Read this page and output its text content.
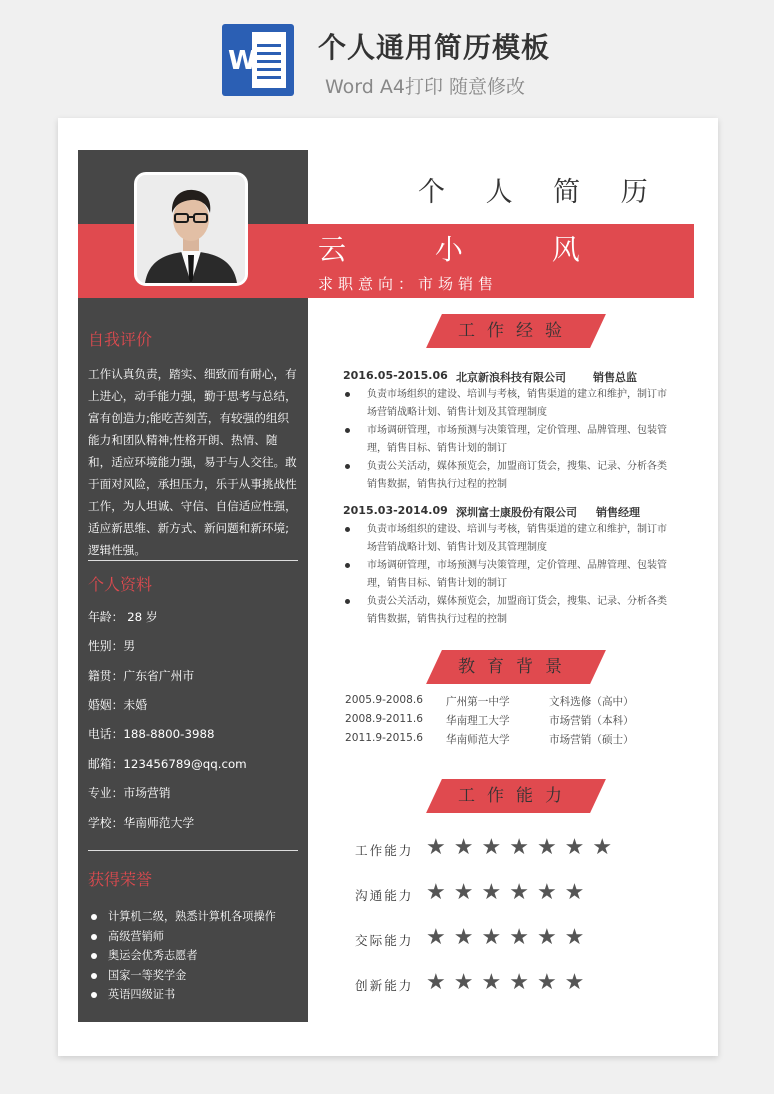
W 个人通用简历模板
Word A4打印 随意修改
个 人 简 历
云 小 风
求职意向：市场销售
自我评价
工作认真负责，踏实、细致而有耐心，有上进心，动手能力强，勤于思考与总结，富有创造力;能吃苦刻苦，有较强的组织能力和团队精神;性格开朗、热情、随和，适应环境能力强，易于与人交往。敢于面对风险，承担压力，乐于从事挑战性工作，为人坦诚、守信、自信适应性强，适应新思维、新方式、新问题和新环境;逻辑性强。
个人资料
年龄： 28 岁
性别：男
籍贯：广东省广州市
婚姻：未婚
电话：188-8800-3988
邮箱：123456789@qq.com
专业：市场营销
学校：华南师范大学
获得荣誉
计算机二级，熟悉计算机各项操作
高级营销师
奥运会优秀志愿者
国家一等奖学金
英语四级证书
工作经验
2016.05-2015.06 北京新浪科技有限公司 销售总监
负责市场组织的建设、培训与考核，销售渠道的建立和维护，制订市场营销战略计划、销售计划及其管理制度
市场调研管理，市场预测与决策管理，定价管理、品牌管理、包装管理，销售目标、销售计划的制订
负责公关活动，媒体预览会，加盟商订货会，搜集、记录、分析各类销售数据，销售执行过程的控制
2015.03-2014.09 深圳富士康股份有限公司 销售经理
负责市场组织的建设、培训与考核，销售渠道的建立和维护，制订市场营销战略计划、销售计划及其管理制度
市场调研管理，市场预测与决策管理，定价管理、品牌管理、包装管理，销售目标、销售计划的制订
负责公关活动，媒体预览会，加盟商订货会，搜集、记录、分析各类销售数据，销售执行过程的控制
教育背景
2005.9-2008.6 广州第一中学	文科选修（高中）
2008.9-2011.6 华南理工大学	市场营销（本科）
2011.9-2015.6 华南师范大学	市场营销（硕士）
工作能力
工作能力 ★★★★★★★
沟通能力 ★★★★★★
交际能力 ★★★★★★
创新能力 ★★★★★★
